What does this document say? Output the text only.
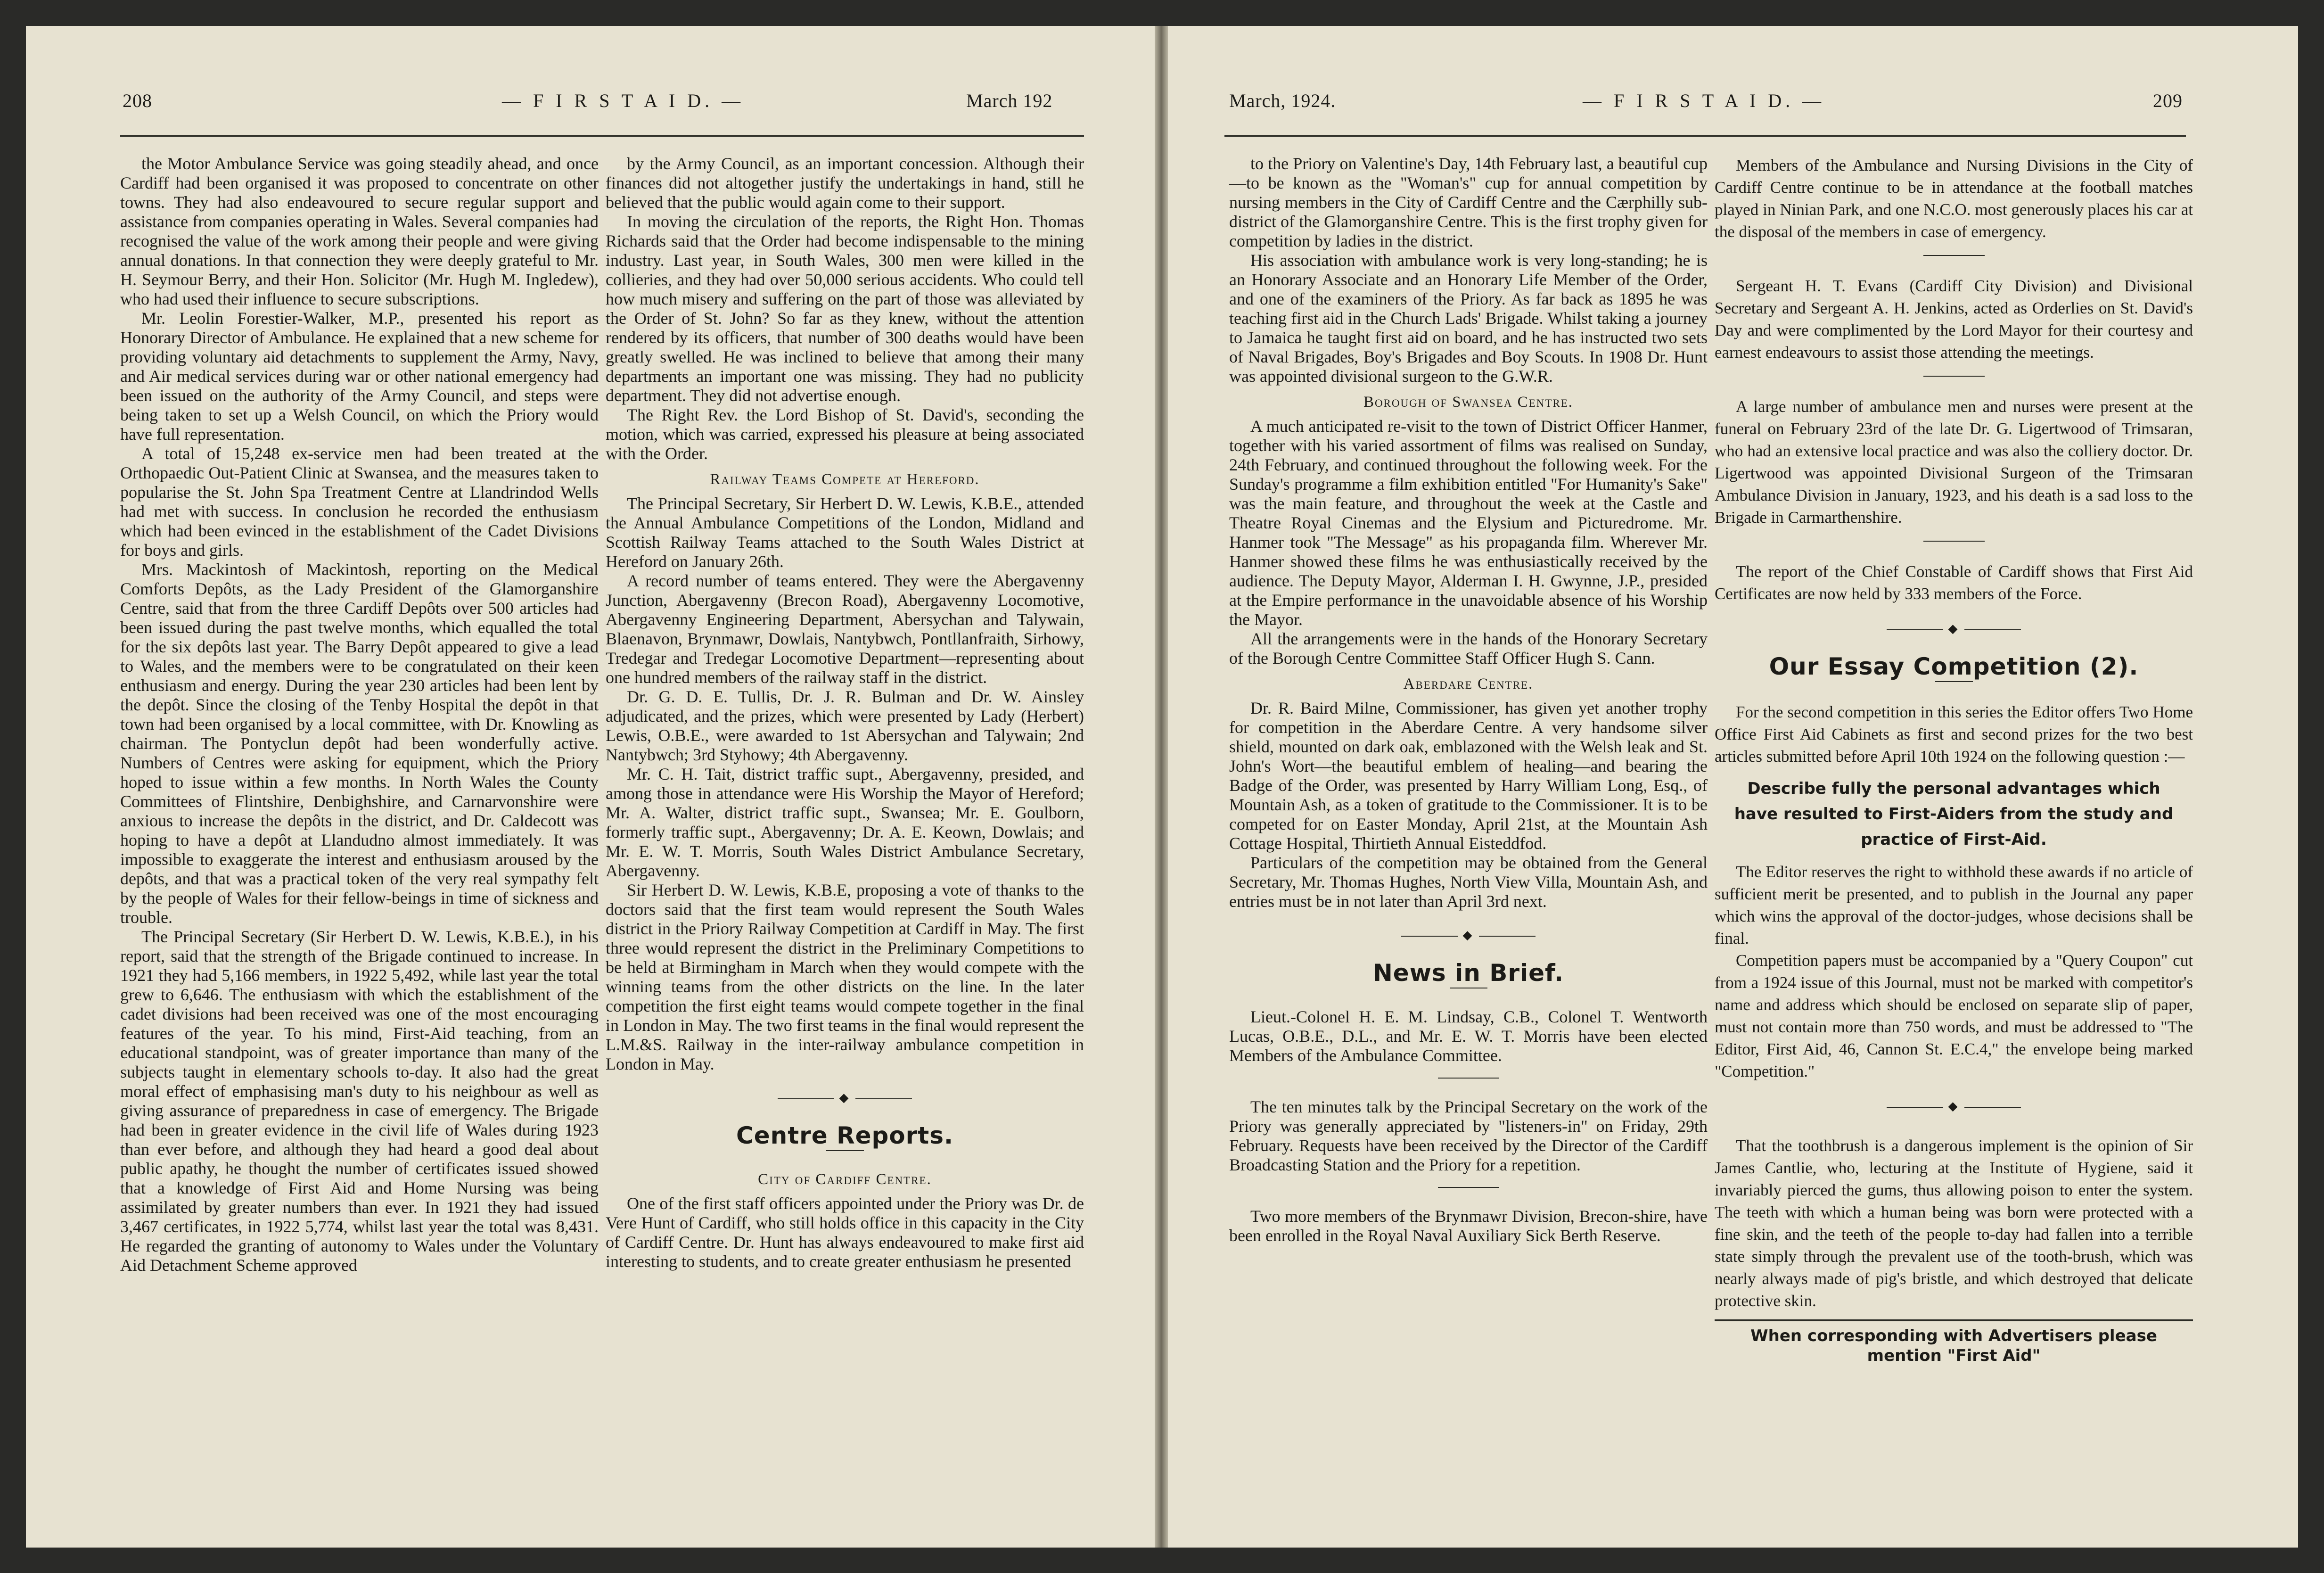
208	— F I R S T A I D. —	March 192

the Motor Ambulance Service was going steadily ahead, and once Cardiff had been organised it was proposed to concentrate on other towns. They had also endeavoured to secure regular support and assistance from companies operating in Wales. Several companies had recognised the value of the work among their people and were giving annual donations. In that connection they were deeply grateful to Mr. H. Seymour Berry, and their Hon. Solicitor (Mr. Hugh M. Ingledew), who had used their influence to secure subscriptions.

Mr. Leolin Forestier-Walker, M.P., presented his report as Honorary Director of Ambulance. He explained that a new scheme for providing voluntary aid detachments to supplement the Army, Navy, and Air medical services during war or other national emergency had been issued on the authority of the Army Council, and steps were being taken to set up a Welsh Council, on which the Priory would have full representation.

A total of 15,248 ex-service men had been treated at the Orthopaedic Out-Patient Clinic at Swansea, and the measures taken to popularise the St. John Spa Treatment Centre at Llandrindod Wells had met with success. In conclusion he recorded the enthusiasm which had been evinced in the establishment of the Cadet Divisions for boys and girls.

Mrs. Mackintosh of Mackintosh, reporting on the Medical Comforts Depôts, as the Lady President of the Glamorganshire Centre, said that from the three Cardiff Depôts over 500 articles had been issued during the past twelve months, which equalled the total for the six depôts last year. The Barry Depôt appeared to give a lead to Wales, and the members were to be congratulated on their keen enthusiasm and energy. During the year 230 articles had been lent by the depôt. Since the closing of the Tenby Hospital the depôt in that town had been organised by a local committee, with Dr. Knowling as chairman. The Pontyclun depôt had been wonderfully active. Numbers of Centres were asking for equipment, which the Priory hoped to issue within a few months. In North Wales the County Committees of Flintshire, Denbighshire, and Carnarvonshire were anxious to increase the depôts in the district, and Dr. Caldecott was hoping to have a depôt at Llandudno almost immediately. It was impossible to exaggerate the interest and enthusiasm aroused by the depôts, and that was a practical token of the very real sympathy felt by the people of Wales for their fellow-beings in time of sickness and trouble.

The Principal Secretary (Sir Herbert D. W. Lewis, K.B.E.), in his report, said that the strength of the Brigade continued to increase. In 1921 they had 5,166 members, in 1922 5,492, while last year the total grew to 6,646. The enthusiasm with which the establishment of the cadet divisions had been received was one of the most encouraging features of the year. To his mind, First-Aid teaching, from an educational standpoint, was of greater importance than many of the subjects taught in elementary schools to-day. It also had the great moral effect of emphasising man's duty to his neighbour as well as giving assurance of preparedness in case of emergency. The Brigade had been in greater evidence in the civil life of Wales during 1923 than ever before, and although they had heard a good deal about public apathy, he thought the number of certificates issued showed that a knowledge of First Aid and Home Nursing was being assimilated by greater numbers than ever. In 1921 they had issued 3,467 certificates, in 1922 5,774, whilst last year the total was 8,431. He regarded the granting of autonomy to Wales under the Voluntary Aid Detachment Scheme approved

by the Army Council, as an important concession. Although their finances did not altogether justify the undertakings in hand, still he believed that the public would again come to their support.

In moving the circulation of the reports, the Right Hon. Thomas Richards said that the Order had become indispensable to the mining industry. Last year, in South Wales, 300 men were killed in the collieries, and they had over 50,000 serious accidents. Who could tell how much misery and suffering on the part of those was alleviated by the Order of St. John? So far as they knew, without the attention rendered by its officers, that number of 300 deaths would have been greatly swelled. He was inclined to believe that among their many departments an important one was missing. They had no publicity department. They did not advertise enough.

The Right Rev. the Lord Bishop of St. David's, seconding the motion, which was carried, expressed his pleasure at being associated with the Order.

Railway Teams Compete at Hereford.

The Principal Secretary, Sir Herbert D. W. Lewis, K.B.E., attended the Annual Ambulance Competitions of the London, Midland and Scottish Railway Teams attached to the South Wales District at Hereford on January 26th.

A record number of teams entered. They were the Abergavenny Junction, Abergavenny (Brecon Road), Abergavenny Locomotive, Abergavenny Engineering Department, Abersychan and Talywain, Blaenavon, Brynmawr, Dowlais, Nantybwch, Pontllanfraith, Sirhowy, Tredegar and Tredegar Locomotive Department—representing about one hundred members of the railway staff in the district.

Dr. G. D. E. Tullis, Dr. J. R. Bulman and Dr. W. Ainsley adjudicated, and the prizes, which were presented by Lady (Herbert) Lewis, O.B.E., were awarded to 1st Abersychan and Talywain; 2nd Nantybwch; 3rd Styhowy; 4th Abergavenny.

Mr. C. H. Tait, district traffic supt., Abergavenny, presided, and among those in attendance were His Worship the Mayor of Hereford; Mr. A. Walter, district traffic supt., Swansea; Mr. E. Goulborn, formerly traffic supt., Abergavenny; Dr. A. E. Keown, Dowlais; and Mr. E. W. T. Morris, South Wales District Ambulance Secretary, Abergavenny.

Sir Herbert D. W. Lewis, K.B.E, proposing a vote of thanks to the doctors said that the first team would represent the South Wales district in the Priory Railway Competition at Cardiff in May. The first three would represent the district in the Preliminary Competitions to be held at Birmingham in March when they would compete with the winning teams from the other districts on the line. In the later competition the first eight teams would compete together in the final in London in May. The two first teams in the final would represent the L.M.&S. Railway in the inter-railway ambulance competition in London in May.

◆
Centre Reports.
City of Cardiff Centre.

One of the first staff officers appointed under the Priory was Dr. de Vere Hunt of Cardiff, who still holds office in this capacity in the City of Cardiff Centre. Dr. Hunt has always endeavoured to make first aid interesting to students, and to create greater enthusiasm he presented

March, 1924.	— F I R S T A I D. —	209

to the Priory on Valentine's Day, 14th February last, a beautiful cup—to be known as the "Woman's" cup for annual competition by nursing members in the City of Cardiff Centre and the Cærphilly sub-district of the Glamorganshire Centre. This is the first trophy given for competition by ladies in the district.

His association with ambulance work is very long-standing; he is an Honorary Associate and an Honorary Life Member of the Order, and one of the examiners of the Priory. As far back as 1895 he was teaching first aid in the Church Lads' Brigade. Whilst taking a journey to Jamaica he taught first aid on board, and he has instructed two sets of Naval Brigades, Boy's Brigades and Boy Scouts. In 1908 Dr. Hunt was appointed divisional surgeon to the G.W.R.

Borough of Swansea Centre.

A much anticipated re-visit to the town of District Officer Hanmer, together with his varied assortment of films was realised on Sunday, 24th February, and continued throughout the following week. For the Sunday's programme a film exhibition entitled "For Humanity's Sake" was the main feature, and throughout the week at the Castle and Theatre Royal Cinemas and the Elysium and Picturedrome. Mr. Hanmer took "The Message" as his propaganda film. Wherever Mr. Hanmer showed these films he was enthusiastically received by the audience. The Deputy Mayor, Alderman I. H. Gwynne, J.P., presided at the Empire performance in the unavoidable absence of his Worship the Mayor.

All the arrangements were in the hands of the Honorary Secretary of the Borough Centre Committee Staff Officer Hugh S. Cann.

Aberdare Centre.

Dr. R. Baird Milne, Commissioner, has given yet another trophy for competition in the Aberdare Centre. A very handsome silver shield, mounted on dark oak, emblazoned with the Welsh leak and St. John's Wort—the beautiful emblem of healing—and bearing the Badge of the Order, was presented by Harry William Long, Esq., of Mountain Ash, as a token of gratitude to the Commissioner. It is to be competed for on Easter Monday, April 21st, at the Mountain Ash Cottage Hospital, Thirtieth Annual Eisteddfod.

Particulars of the competition may be obtained from the General Secretary, Mr. Thomas Hughes, North View Villa, Mountain Ash, and entries must be in not later than April 3rd next.

◆
News in Brief.

Lieut.-Colonel H. E. M. Lindsay, C.B., Colonel T. Wentworth Lucas, O.B.E., D.L., and Mr. E. W. T. Morris have been elected Members of the Ambulance Committee.

The ten minutes talk by the Principal Secretary on the work of the Priory was generally appreciated by "listeners-in" on Friday, 29th February. Requests have been received by the Director of the Cardiff Broadcasting Station and the Priory for a repetition.

Two more members of the Brynmawr Division, Brecon-shire, have been enrolled in the Royal Naval Auxiliary Sick Berth Reserve.

Members of the Ambulance and Nursing Divisions in the City of Cardiff Centre continue to be in attendance at the football matches played in Ninian Park, and one N.C.O. most generously places his car at the disposal of the members in case of emergency.

Sergeant H. T. Evans (Cardiff City Division) and Divisional Secretary and Sergeant A. H. Jenkins, acted as Orderlies on St. David's Day and were complimented by the Lord Mayor for their courtesy and earnest endeavours to assist those attending the meetings.

A large number of ambulance men and nurses were present at the funeral on February 23rd of the late Dr. G. Ligertwood of Trimsaran, who had an extensive local practice and was also the colliery doctor. Dr. Ligertwood was appointed Divisional Surgeon of the Trimsaran Ambulance Division in January, 1923, and his death is a sad loss to the Brigade in Carmarthenshire.

The report of the Chief Constable of Cardiff shows that First Aid Certificates are now held by 333 members of the Force.

◆
Our Essay Competition (2).

For the second competition in this series the Editor offers Two Home Office First Aid Cabinets as first and second prizes for the two best articles submitted before April 10th 1924 on the following question :—

Describe fully the personal advantages which have resulted to First-Aiders from the study and practice of First-Aid.

The Editor reserves the right to withhold these awards if no article of sufficient merit be presented, and to publish in the Journal any paper which wins the approval of the doctor-judges, whose decisions shall be final.

Competition papers must be accompanied by a "Query Coupon" cut from a 1924 issue of this Journal, must not be marked with competitor's name and address which should be enclosed on separate slip of paper, must not contain more than 750 words, and must be addressed to "The Editor, First Aid, 46, Cannon St. E.C.4," the envelope being marked "Competition."

◆

That the toothbrush is a dangerous implement is the opinion of Sir James Cantlie, who, lecturing at the Institute of Hygiene, said it invariably pierced the gums, thus allowing poison to enter the system. The teeth with which a human being was born were protected with a fine skin, and the teeth of the people to-day had fallen into a terrible state simply through the prevalent use of the tooth-brush, which was nearly always made of pig's bristle, and which destroyed that delicate protective skin.

When corresponding with Advertisers please mention "First Aid"
